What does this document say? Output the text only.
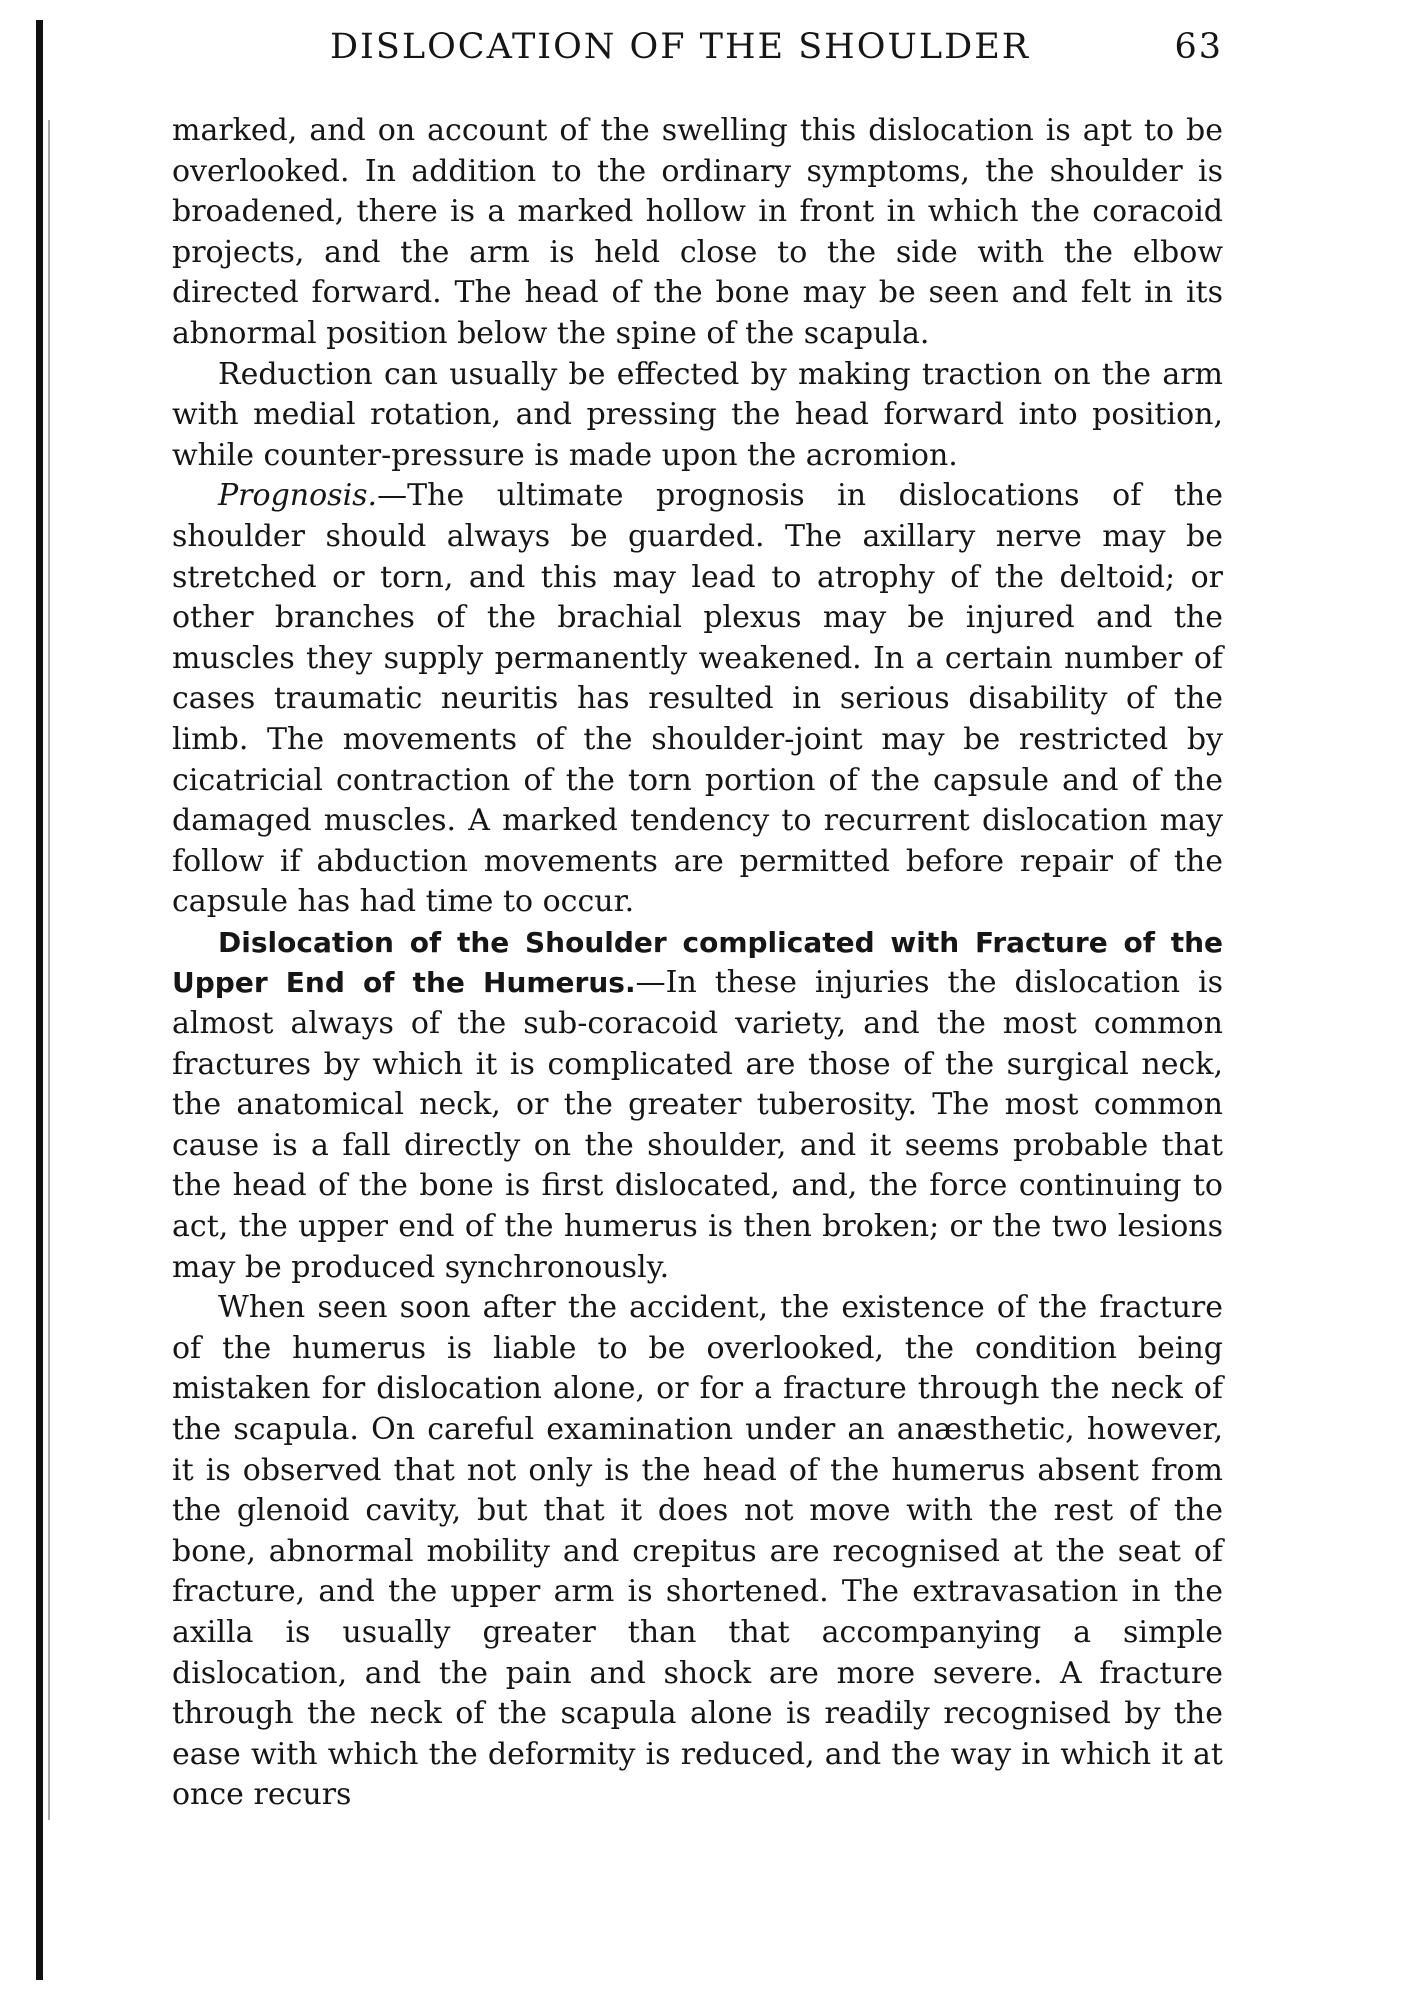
DISLOCATION OF THE SHOULDER	63

marked, and on account of the swelling this dislocation is apt to be overlooked. In addition to the ordinary symptoms, the shoulder is broadened, there is a marked hollow in front in which the coracoid projects, and the arm is held close to the side with the elbow directed forward. The head of the bone may be seen and felt in its abnormal position below the spine of the scapula.

Reduction can usually be effected by making traction on the arm with medial rotation, and pressing the head forward into position, while counter-pressure is made upon the acromion.

Prognosis.—The ultimate prognosis in dislocations of the shoulder should always be guarded. The axillary nerve may be stretched or torn, and this may lead to atrophy of the deltoid; or other branches of the brachial plexus may be injured and the muscles they supply permanently weakened. In a certain number of cases traumatic neuritis has resulted in serious disability of the limb. The movements of the shoulder-joint may be restricted by cicatricial contraction of the torn portion of the capsule and of the damaged muscles. A marked tendency to recurrent dislocation may follow if abduction movements are permitted before repair of the capsule has had time to occur.

Dislocation of the Shoulder complicated with Fracture of the Upper End of the Humerus.—In these injuries the dislocation is almost always of the sub-coracoid variety, and the most common fractures by which it is complicated are those of the surgical neck, the anatomical neck, or the greater tuberosity. The most common cause is a fall directly on the shoulder, and it seems probable that the head of the bone is first dislocated, and, the force continuing to act, the upper end of the humerus is then broken; or the two lesions may be produced synchronously.

When seen soon after the accident, the existence of the fracture of the humerus is liable to be overlooked, the condition being mistaken for dislocation alone, or for a fracture through the neck of the scapula. On careful examination under an anæsthetic, however, it is observed that not only is the head of the humerus absent from the glenoid cavity, but that it does not move with the rest of the bone, abnormal mobility and crepitus are recognised at the seat of fracture, and the upper arm is shortened. The extravasation in the axilla is usually greater than that accompanying a simple dislocation, and the pain and shock are more severe. A fracture through the neck of the scapula alone is readily recognised by the ease with which the deformity is reduced, and the way in which it at once recurs
